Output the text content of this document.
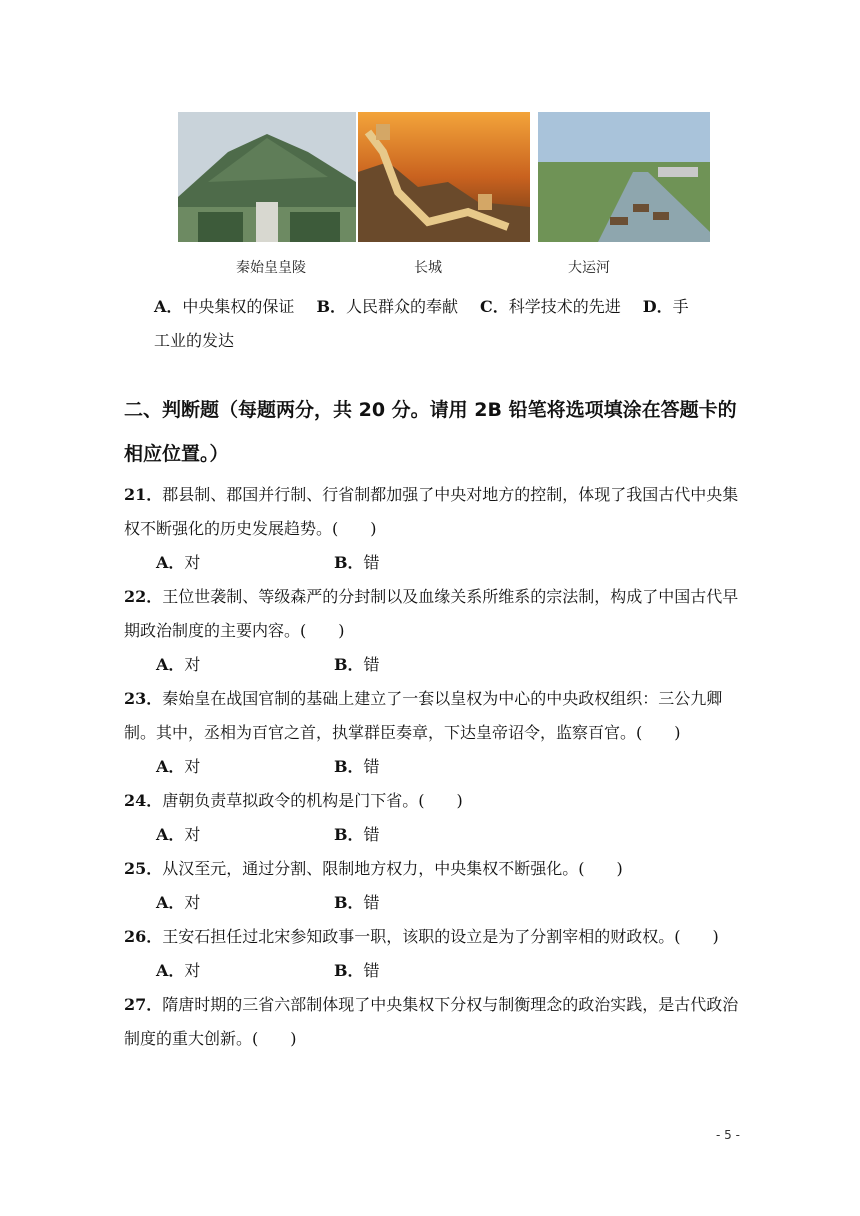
秦始皇皇陵	长城	大运河
A．中央集权的保证 B．人民群众的奉献 C．科学技术的先进 D．手
工业的发达
二、判断题（每题两分，共 20 分。请用 2B 铅笔将选项填涂在答题卡的相应位置。）

21．郡县制、郡国并行制、行省制都加强了中央对地方的控制，体现了我国古代中央集权不断强化的历史发展趋势。(　　)

A．对	B．错

22．王位世袭制、等级森严的分封制以及血缘关系所维系的宗法制，构成了中国古代早期政治制度的主要内容。(　　)

A．对	B．错

23．秦始皇在战国官制的基础上建立了一套以皇权为中心的中央政权组织：三公九卿制。其中，丞相为百官之首，执掌群臣奏章，下达皇帝诏令，监察百官。(　　)

A．对	B．错

24．唐朝负责草拟政令的机构是门下省。(　　)

A．对	B．错

25．从汉至元，通过分割、限制地方权力，中央集权不断强化。(　　)

A．对	B．错

26．王安石担任过北宋参知政事一职，该职的设立是为了分割宰相的财政权。(　　)

A．对	B．错

27．隋唐时期的三省六部制体现了中央集权下分权与制衡理念的政治实践，是古代政治制度的重大创新。(　　)

- 5 -
